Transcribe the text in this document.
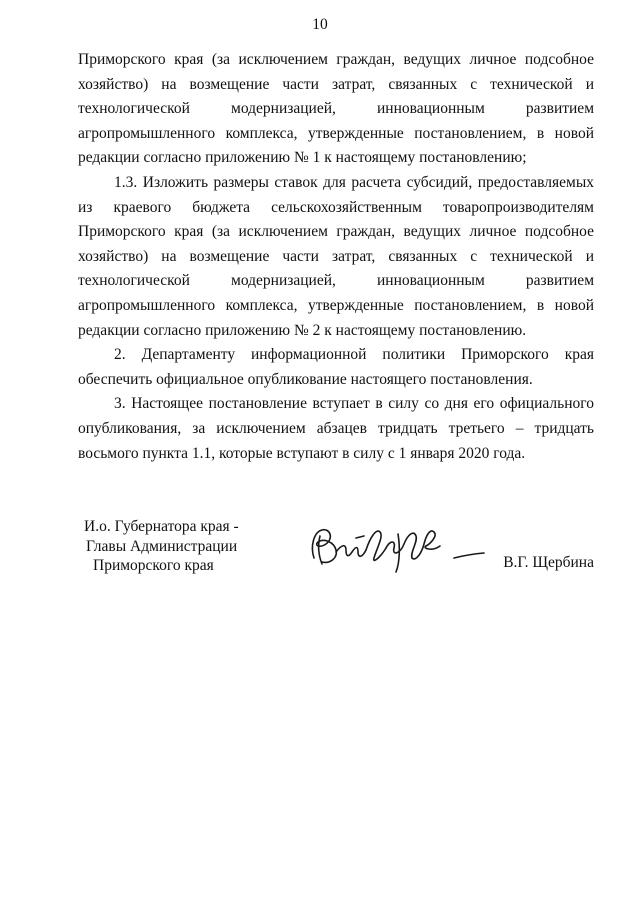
10

Приморского края (за исключением граждан, ведущих личное подсобное хозяйство) на возмещение части затрат, связанных с технической и технологической модернизацией, инновационным развитием агропромышленного комплекса, утвержденные постановлением, в новой редакции согласно приложению № 1 к настоящему постановлению;

1.3. Изложить размеры ставок для расчета субсидий, предоставляемых из краевого бюджета сельскохозяйственным товаропроизводителям Приморского края (за исключением граждан, ведущих личное подсобное хозяйство) на возмещение части затрат, связанных с технической и технологической модернизацией, инновационным развитием агропромышленного комплекса, утвержденные постановлением, в новой редакции согласно приложению № 2 к настоящему постановлению.

2. Департаменту информационной политики Приморского края обеспечить официальное опубликование настоящего постановления.

3. Настоящее постановление вступает в силу со дня его официального опубликования, за исключением абзацев тридцать третьего – тридцать восьмого пункта 1.1, которые вступают в силу с 1 января 2020 года.

И.о. Губернатора края -
Главы Администрации
Приморского края	В.Г. Щербина
